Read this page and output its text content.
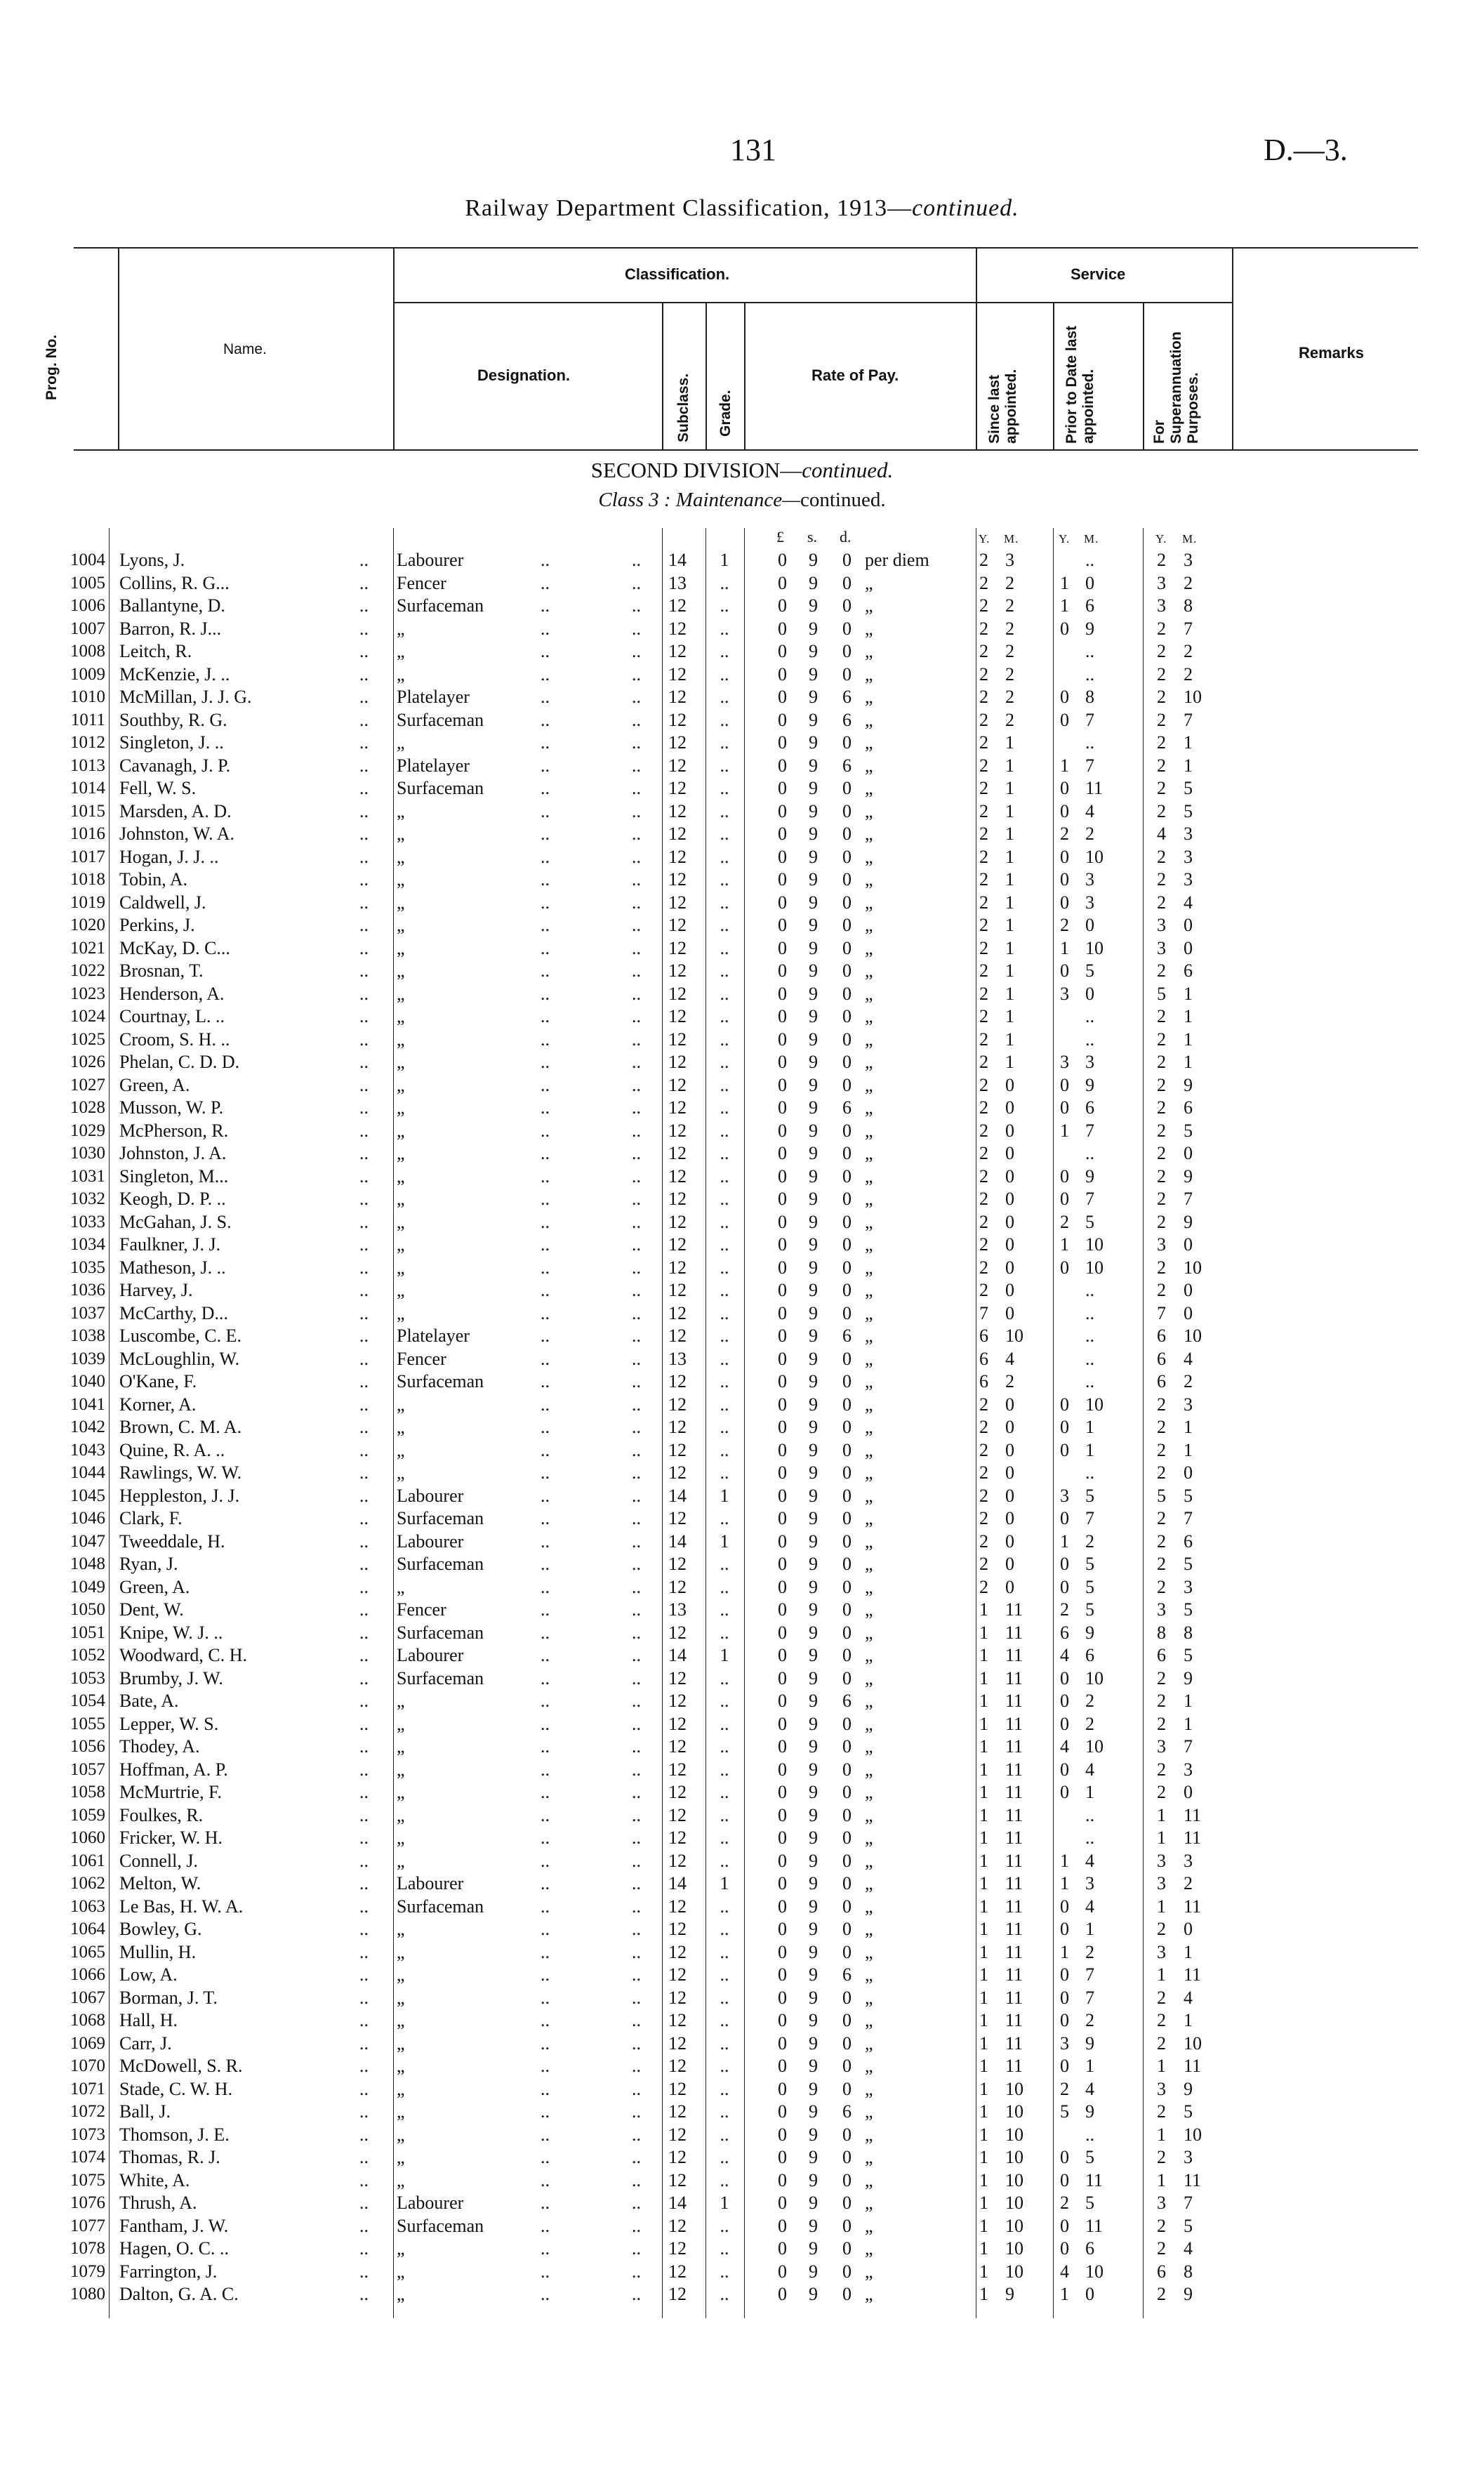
131	D.—3.
Railway Department Classification, 1913—continued.
Prog. No.	Name.
Classification.	Service
Designation.	Subclass. Grade.
Rate of Pay.	Since last appointed.	Prior to Date last appointed.	For Superannuation Purposes.
Remarks
SECOND DIVISION—continued.
Class 3 : Maintenance—continued.
£ s. d.	Y. M.	Y. M.	Y. M.
1004 Lyons, J.	.. Labourer	..	.. 14 1	0 9 0 per diem	2 3	..	2 3
1005 Collins, R. G...	.. Fencer	..	.. 13 ..	0 9 0 „	2 2	1 0	3 2
1006 Ballantyne, D.	.. Surfaceman	..	.. 12 ..	0 9 0 „	2 2	1 6	3 8
1007 Barron, R. J...	.. „	..	.. 12 ..	0 9 0 „	2 2	0 9	2 7
1008 Leitch, R.	.. „	..	.. 12 ..	0 9 0 „	2 2	..	2 2
1009 McKenzie, J. ..	.. „	..	.. 12 ..	0 9 0 „	2 2	..	2 2
1010 McMillan, J. J. G.	.. Platelayer	..	.. 12 ..	0 9 6 „	2 2	0 8	2 10
1011 Southby, R. G.	.. Surfaceman	..	.. 12 ..	0 9 6 „	2 2	0 7	2 7
1012 Singleton, J. ..	.. „	..	.. 12 ..	0 9 0 „	2 1	..	2 1
1013 Cavanagh, J. P.	.. Platelayer	..	.. 12 ..	0 9 6 „	2 1	1 7	2 1
1014 Fell, W. S.	.. Surfaceman	..	.. 12 ..	0 9 0 „	2 1	0 11	2 5
1015 Marsden, A. D.	.. „	..	.. 12 ..	0 9 0 „	2 1	0 4	2 5
1016 Johnston, W. A.	.. „	..	.. 12 ..	0 9 0 „	2 1	2 2	4 3
1017 Hogan, J. J. ..	.. „	..	.. 12 ..	0 9 0 „	2 1	0 10	2 3
1018 Tobin, A.	.. „	..	.. 12 ..	0 9 0 „	2 1	0 3	2 3
1019 Caldwell, J.	.. „	..	.. 12 ..	0 9 0 „	2 1	0 3	2 4
1020 Perkins, J.	.. „	..	.. 12 ..	0 9 0 „	2 1	2 0	3 0
1021 McKay, D. C...	.. „	..	.. 12 ..	0 9 0 „	2 1	1 10	3 0
1022 Brosnan, T.	.. „	..	.. 12 ..	0 9 0 „	2 1	0 5	2 6
1023 Henderson, A.	.. „	..	.. 12 ..	0 9 0 „	2 1	3 0	5 1
1024 Courtnay, L. ..	.. „	..	.. 12 ..	0 9 0 „	2 1	..	2 1
1025 Croom, S. H. ..	.. „	..	.. 12 ..	0 9 0 „	2 1	..	2 1
1026 Phelan, C. D. D.	.. „	..	.. 12 ..	0 9 0 „	2 1	3 3	2 1
1027 Green, A.	.. „	..	.. 12 ..	0 9 0 „	2 0	0 9	2 9
1028 Musson, W. P.	.. „	..	.. 12 ..	0 9 6 „	2 0	0 6	2 6
1029 McPherson, R.	.. „	..	.. 12 ..	0 9 0 „	2 0	1 7	2 5
1030 Johnston, J. A.	.. „	..	.. 12 ..	0 9 0 „	2 0	..	2 0
1031 Singleton, M...	.. „	..	.. 12 ..	0 9 0 „	2 0	0 9	2 9
1032 Keogh, D. P. ..	.. „	..	.. 12 ..	0 9 0 „	2 0	0 7	2 7
1033 McGahan, J. S.	.. „	..	.. 12 ..	0 9 0 „	2 0	2 5	2 9
1034 Faulkner, J. J.	.. „	..	.. 12 ..	0 9 0 „	2 0	1 10	3 0
1035 Matheson, J. ..	.. „	..	.. 12 ..	0 9 0 „	2 0	0 10	2 10
1036 Harvey, J.	.. „	..	.. 12 ..	0 9 0 „	2 0	..	2 0
1037 McCarthy, D...	.. „	..	.. 12 ..	0 9 0 „	7 0	..	7 0
1038 Luscombe, C. E.	.. Platelayer	..	.. 12 ..	0 9 6 „	6 10	..	6 10
1039 McLoughlin, W.	.. Fencer	..	.. 13 ..	0 9 0 „	6 4	..	6 4
1040 O'Kane, F.	.. Surfaceman	..	.. 12 ..	0 9 0 „	6 2	..	6 2
1041 Korner, A.	.. „	..	.. 12 ..	0 9 0 „	2 0	0 10	2 3
1042 Brown, C. M. A.	.. „	..	.. 12 ..	0 9 0 „	2 0	0 1	2 1
1043 Quine, R. A. ..	.. „	..	.. 12 ..	0 9 0 „	2 0	0 1	2 1
1044 Rawlings, W. W.	.. „	..	.. 12 ..	0 9 0 „	2 0	..	2 0
1045 Heppleston, J. J.	.. Labourer	..	.. 14 1	0 9 0 „	2 0	3 5	5 5
1046 Clark, F.	.. Surfaceman	..	.. 12 ..	0 9 0 „	2 0	0 7	2 7
1047 Tweeddale, H.	.. Labourer	..	.. 14 1	0 9 0 „	2 0	1 2	2 6
1048 Ryan, J.	.. Surfaceman	..	.. 12 ..	0 9 0 „	2 0	0 5	2 5
1049 Green, A.	.. „	..	.. 12 ..	0 9 0 „	2 0	0 5	2 3
1050 Dent, W.	.. Fencer	..	.. 13 ..	0 9 0 „	1 11	2 5	3 5
1051 Knipe, W. J. ..	.. Surfaceman	..	.. 12 ..	0 9 0 „	1 11	6 9	8 8
1052 Woodward, C. H.	.. Labourer	..	.. 14 1	0 9 0 „	1 11	4 6	6 5
1053 Brumby, J. W.	.. Surfaceman	..	.. 12 ..	0 9 0 „	1 11	0 10	2 9
1054 Bate, A.	.. „	..	.. 12 ..	0 9 6 „	1 11	0 2	2 1
1055 Lepper, W. S.	.. „	..	.. 12 ..	0 9 0 „	1 11	0 2	2 1
1056 Thodey, A.	.. „	..	.. 12 ..	0 9 0 „	1 11	4 10	3 7
1057 Hoffman, A. P.	.. „	..	.. 12 ..	0 9 0 „	1 11	0 4	2 3
1058 McMurtrie, F.	.. „	..	.. 12 ..	0 9 0 „	1 11	0 1	2 0
1059 Foulkes, R.	.. „	..	.. 12 ..	0 9 0 „	1 11	..	1 11
1060 Fricker, W. H.	.. „	..	.. 12 ..	0 9 0 „	1 11	..	1 11
1061 Connell, J.	.. „	..	.. 12 ..	0 9 0 „	1 11	1 4	3 3
1062 Melton, W.	.. Labourer	..	.. 14 1	0 9 0 „	1 11	1 3	3 2
1063 Le Bas, H. W. A.	.. Surfaceman	..	.. 12 ..	0 9 0 „	1 11	0 4	1 11
1064 Bowley, G.	.. „	..	.. 12 ..	0 9 0 „	1 11	0 1	2 0
1065 Mullin, H.	.. „	..	.. 12 ..	0 9 0 „	1 11	1 2	3 1
1066 Low, A.	.. „	..	.. 12 ..	0 9 6 „	1 11	0 7	1 11
1067 Borman, J. T.	.. „	..	.. 12 ..	0 9 0 „	1 11	0 7	2 4
1068 Hall, H.	.. „	..	.. 12 ..	0 9 0 „	1 11	0 2	2 1
1069 Carr, J.	.. „	..	.. 12 ..	0 9 0 „	1 11	3 9	2 10
1070 McDowell, S. R.	.. „	..	.. 12 ..	0 9 0 „	1 11	0 1	1 11
1071 Stade, C. W. H.	.. „	..	.. 12 ..	0 9 0 „	1 10	2 4	3 9
1072 Ball, J.	.. „	..	.. 12 ..	0 9 6 „	1 10	5 9	2 5
1073 Thomson, J. E.	.. „	..	.. 12 ..	0 9 0 „	1 10	..	1 10
1074 Thomas, R. J.	.. „	..	.. 12 ..	0 9 0 „	1 10	0 5	2 3
1075 White, A.	.. „	..	.. 12 ..	0 9 0 „	1 10	0 11	1 11
1076 Thrush, A.	.. Labourer	..	.. 14 1	0 9 0 „	1 10	2 5	3 7
1077 Fantham, J. W.	.. Surfaceman	..	.. 12 ..	0 9 0 „	1 10	0 11	2 5
1078 Hagen, O. C. ..	.. „	..	.. 12 ..	0 9 0 „	1 10	0 6	2 4
1079 Farrington, J.	.. „	..	.. 12 ..	0 9 0 „	1 10	4 10	6 8
1080 Dalton, G. A. C.	.. „	..	.. 12 ..	0 9 0 „	1 9	1 0	2 9
